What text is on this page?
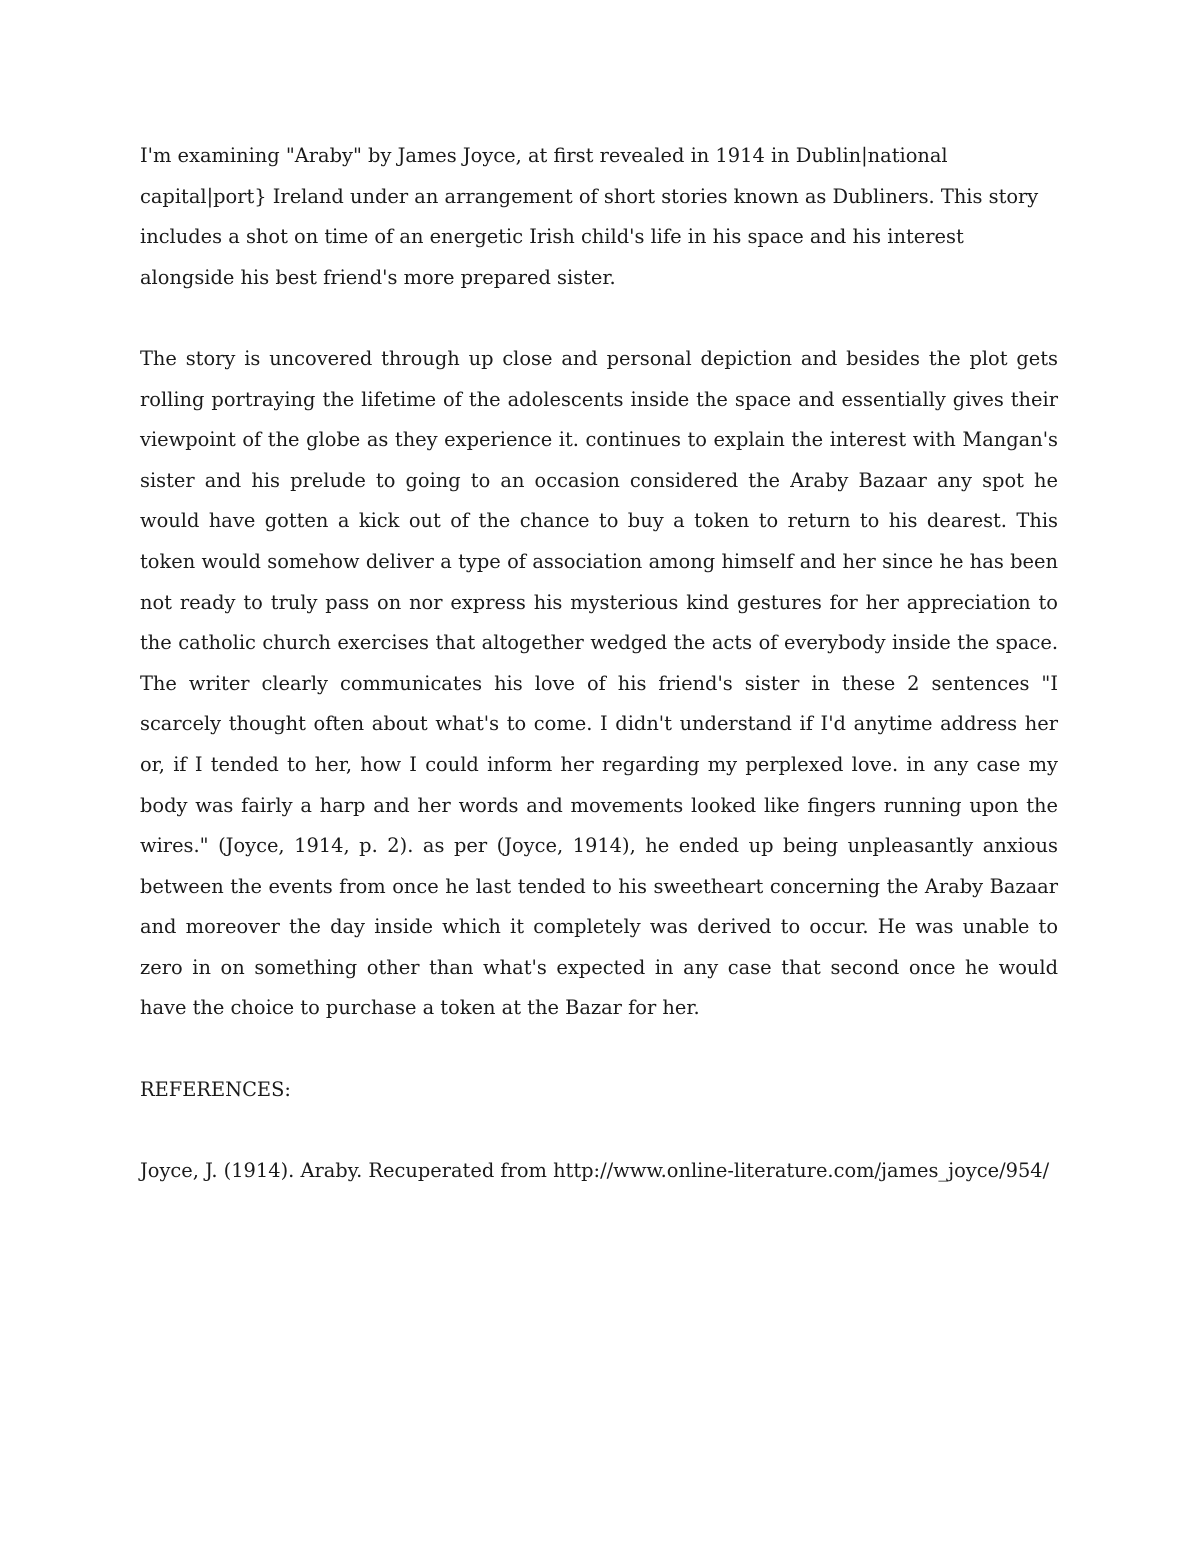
I'm examining "Araby" by James Joyce, at first revealed in 1914 in Dublin|national capital|port} Ireland under an arrangement of short stories known as Dubliners. This story includes a shot on time of an energetic Irish child's life in his space and his interest alongside his best friend's more prepared sister.

The story is uncovered through up close and personal depiction and besides the plot gets rolling portraying the lifetime of the adolescents inside the space and essentially gives their viewpoint of the globe as they experience it. continues to explain the interest with Mangan's sister and his prelude to going to an occasion considered the Araby Bazaar any spot he would have gotten a kick out of the chance to buy a token to return to his dearest. This token would somehow deliver a type of association among himself and her since he has been not ready to truly pass on nor express his mysterious kind gestures for her appreciation to the catholic church exercises that altogether wedged the acts of everybody inside the space. The writer clearly communicates his love of his friend's sister in these 2 sentences "I scarcely thought often about what's to come. I didn't understand if I'd anytime address her or, if I tended to her, how I could inform her regarding my perplexed love. in any case my body was fairly a harp and her words and movements looked like fingers running upon the wires." (Joyce, 1914, p. 2). as per (Joyce, 1914), he ended up being unpleasantly anxious between the events from once he last tended to his sweetheart concerning the Araby Bazaar and moreover the day inside which it completely was derived to occur. He was unable to zero in on something other than what's expected in any case that second once he would have the choice to purchase a token at the Bazar for her.

REFERENCES:

Joyce, J. (1914). Araby. Recuperated from http://www.online-literature.com/james_joyce/954/
